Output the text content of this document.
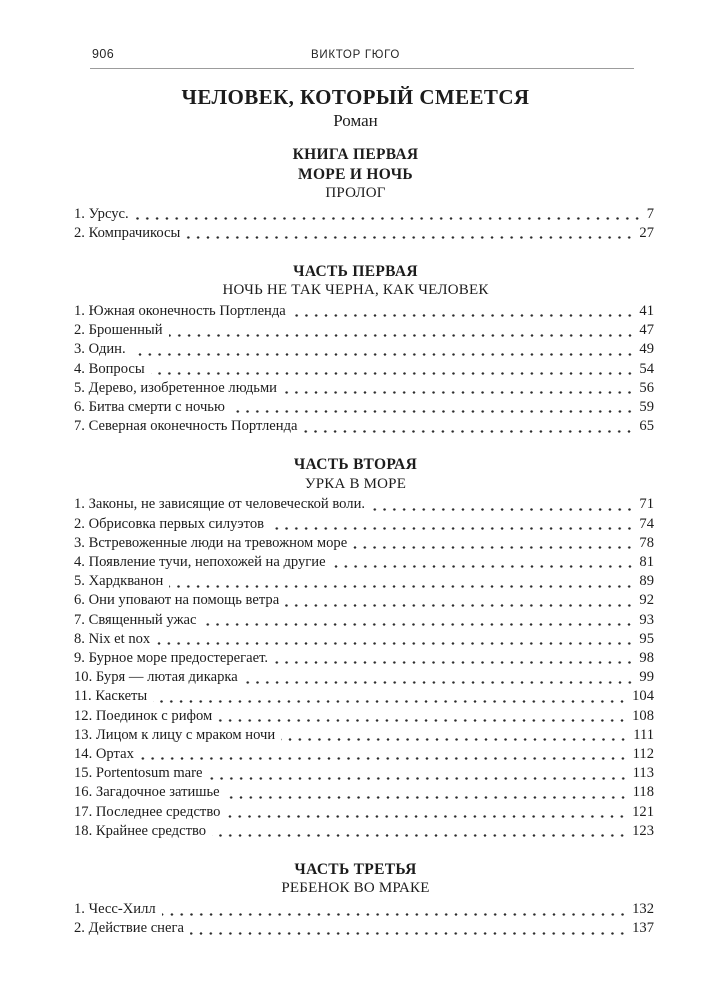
906	ВИКТОР ГЮГО
ЧЕЛОВЕК, КОТОРЫЙ СМЕЕТСЯ
Роман
КНИГА ПЕРВАЯ
МОРЕ И НОЧЬ
ПРОЛОГ
1. Урсус.	7
2. Компрачикосы	27
ЧАСТЬ ПЕРВАЯ
НОЧЬ НЕ ТАК ЧЕРНА, КАК ЧЕЛОВЕК
1. Южная оконечность Портленда	41
2. Брошенный	47
3. Один.	49
4. Вопросы	54
5. Дерево, изобретенное людьми	56
6. Битва смерти с ночью	59
7. Северная оконечность Портленда	65
ЧАСТЬ ВТОРАЯ
УРКА В МОРЕ
1. Законы, не зависящие от человеческой воли.	71
2. Обрисовка первых силуэтов	74
3. Встревоженные люди на тревожном море	78
4. Появление тучи, непохожей на другие	81
5. Хардкванон	89
6. Они уповают на помощь ветра	92
7. Священный ужас	93
8. Nix et nox	95
9. Бурное море предостерегает.	98
10. Буря — лютая дикарка	99
11. Каскеты	104
12. Поединок с рифом	108
13. Лицом к лицу с мраком ночи	111
14. Ортах	112
15. Portentosum mare	113
16. Загадочное затишье	118
17. Последнее средство	121
18. Крайнее средство	123
ЧАСТЬ ТРЕТЬЯ
РЕБЕНОК ВО МРАКЕ
1. Чесс-Хилл	132
2. Действие снега	137
